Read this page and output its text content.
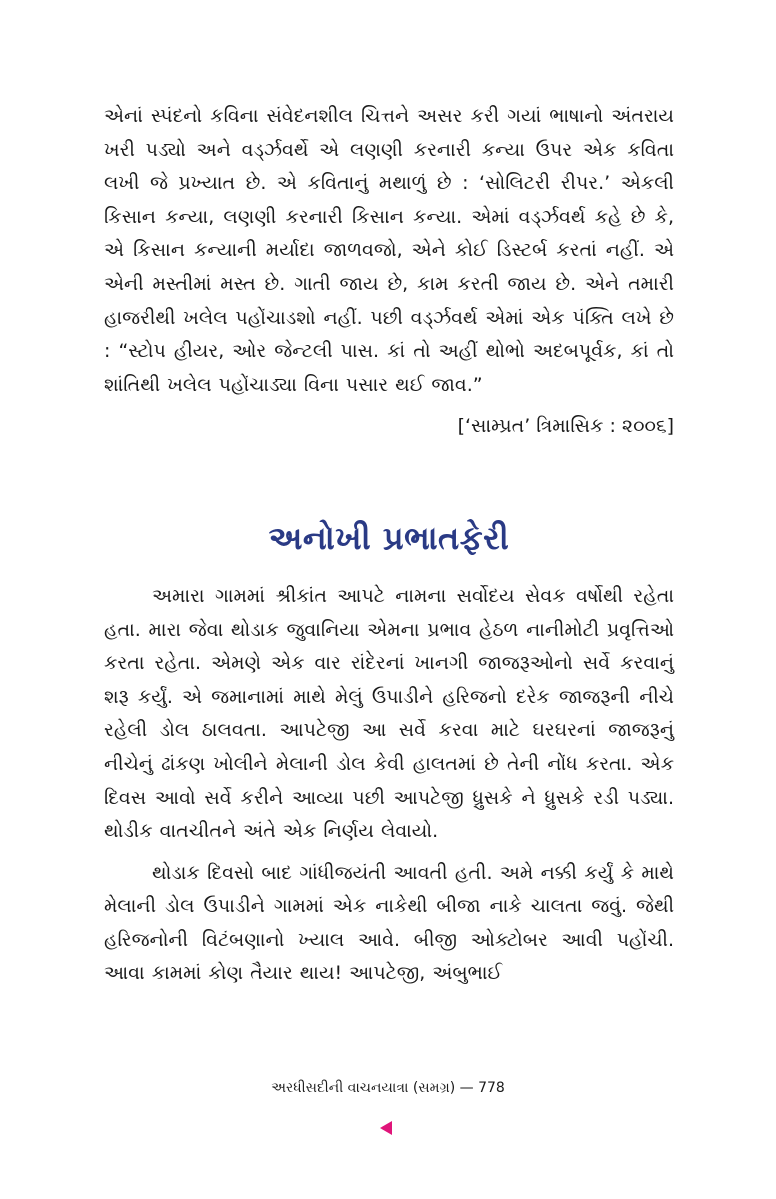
એનાં સ્પંદનો કવિના સંવેદનશીલ ચિત્તને અસર કરી ગયાં ભાષાનો અંતરાય ખરી પડ્યો અને વર્ડ્ઝવર્થે એ લણણી કરનારી કન્યા ઉપર એક કવિતા લખી જે પ્રખ્યાત છે. એ કવિતાનું મથાળું છે : ‘સોલિટરી રીપર.’ એકલી કિસાન કન્યા, લણણી કરનારી કિસાન કન્યા. એમાં વર્ડ્ઝવર્થ કહે છે કે, એ કિસાન કન્યાની મર્યાદા જાળવજો, એને કોઈ ડિસ્ટર્બ કરતાં નહીં. એ એની મસ્તીમાં મસ્ત છે. ગાતી જાય છે, કામ કરતી જાય છે. એને તમારી હાજરીથી ખલેલ પહોંચાડશો નહીં. પછી વર્ડ્ઝવર્થ એમાં એક પંક્તિ લખે છે : “સ્ટોપ હીયર, ઓર જેન્ટલી પાસ. કાં તો અહીં થોભો અદબપૂર્વક, કાં તો શાંતિથી ખલેલ પહોંચાડ્યા વિના પસાર થઈ જાવ.”

[‘સામ્પ્રત’ ત્રિમાસિક : ૨૦૦૬]

અનોખી પ્રભાતફેરી

અમારા ગામમાં શ્રીકાંત આપટે નામના સર્વોદય સેવક વર્ષોથી રહેતા હતા. મારા જેવા થોડાક જુવાનિયા એમના પ્રભાવ હેઠળ નાનીમોટી પ્રવૃત્તિઓ કરતા રહેતા. એમણે એક વાર રાંદેરનાં ખાનગી જાજરૂઓનો સર્વે કરવાનું શરૂ કર્યું. એ જમાનામાં માથે મેલું ઉપાડીને હરિજનો દરેક જાજરૂની નીચે રહેલી ડોલ ઠાલવતા. આપટેજી આ સર્વે કરવા માટે ઘરઘરનાં જાજરૂનું નીચેનું ઢાંકણ ખોલીને મેલાની ડોલ કેવી હાલતમાં છે તેની નોંધ કરતા. એક દિવસ આવો સર્વે કરીને આવ્યા પછી આપટેજી ધ્રુસકે ને ધ્રુસકે રડી પડ્યા. થોડીક વાતચીતને અંતે એક નિર્ણય લેવાયો.

થોડાક દિવસો બાદ ગાંધીજયંતી આવતી હતી. અમે નક્કી કર્યું કે માથે મેલાની ડોલ ઉપાડીને ગામમાં એક નાકેથી બીજા નાકે ચાલતા જવું. જેથી હરિજનોની વિટંબણાનો ખ્યાલ આવે. બીજી ઓક્ટોબર આવી પહોંચી. આવા કામમાં કોણ તૈયાર થાય! આપટેજી, અંબુભાઈ

અરધીસદીની વાચનયાત્રા (સમગ્ર) — 778
